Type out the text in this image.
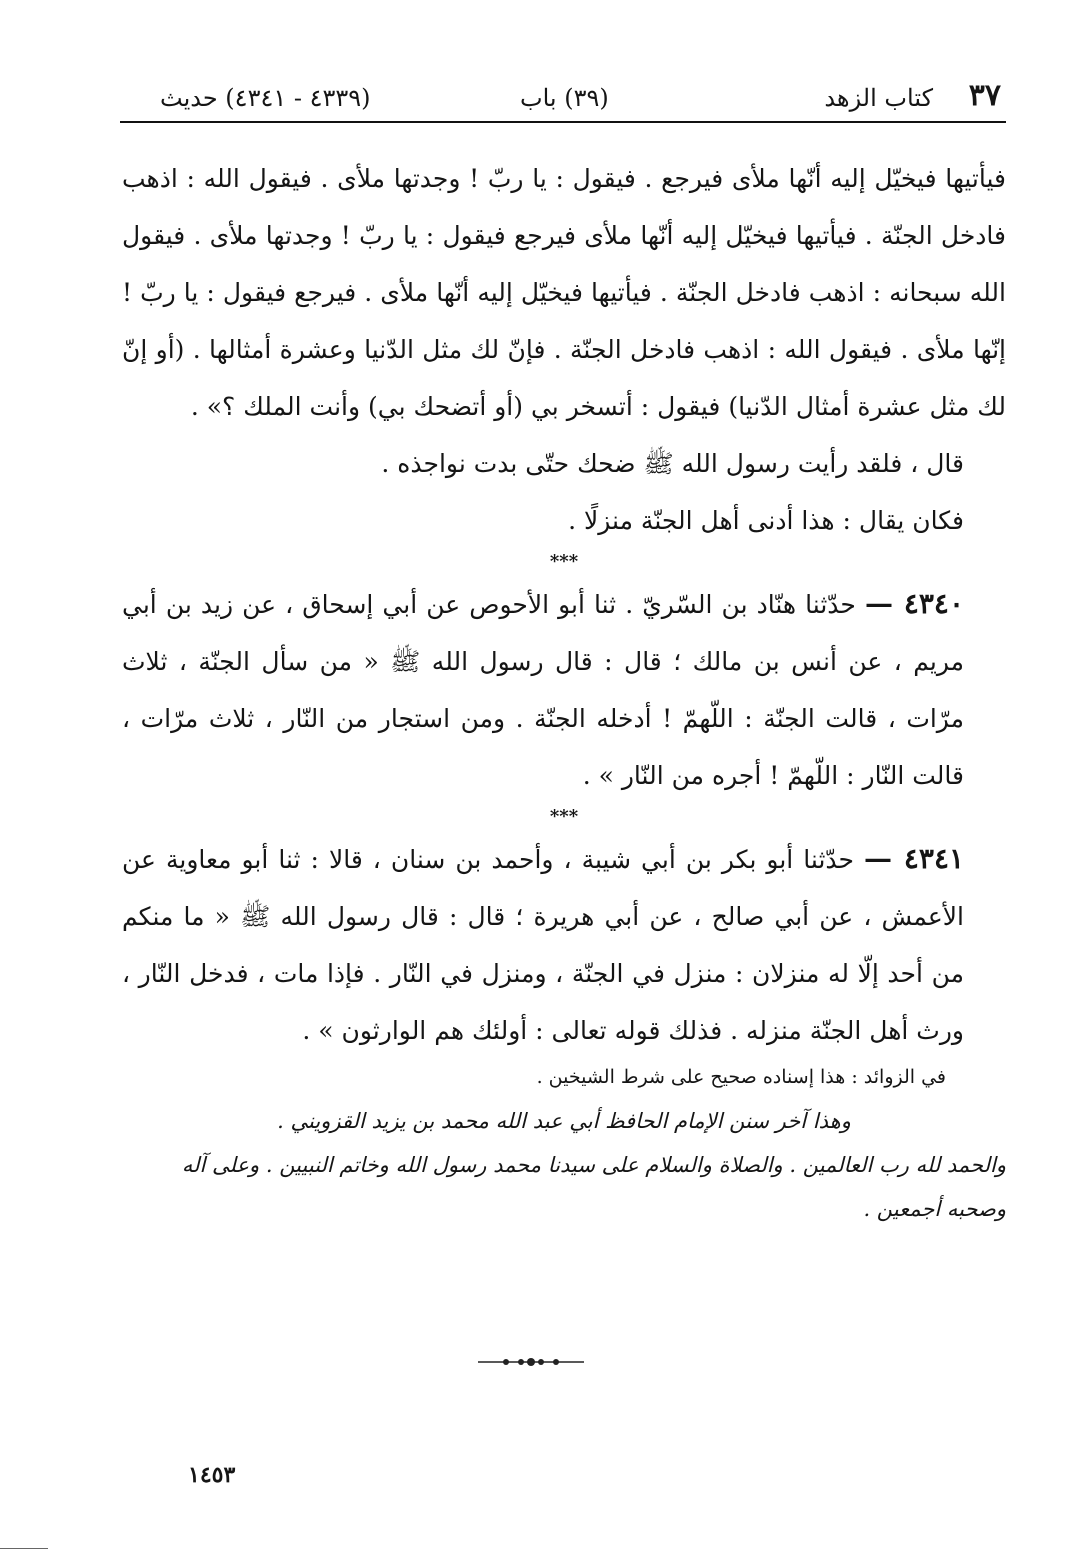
٣٧
كتاب الزهد
(٣٩) باب
(٤٣٣٩ - ٤٣٤١) حديث

فيأتيها فيخيّل إليه أنّها ملأى فيرجع . فيقول : يا ربّ ! وجدتها ملأى . فيقول الله : اذهب فادخل الجنّة . فيأتيها فيخيّل إليه أنّها ملأى فيرجع فيقول : يا ربّ ! وجدتها ملأى . فيقول الله سبحانه : اذهب فادخل الجنّة . فيأتيها فيخيّل إليه أنّها ملأى . فيرجع فيقول : يا ربّ ! إنّها ملأى . فيقول الله : اذهب فادخل الجنّة . فإنّ لك مثل الدّنيا وعشرة أمثالها . (أو إنّ لك مثل عشرة أمثال الدّنيا) فيقول : أتسخر بي (أو أتضحك بي) وأنت الملك ؟» .

قال ، فلقد رأيت رسول الله ﷺ ضحك حتّى بدت نواجذه .

فكان يقال : هذا أدنى أهل الجنّة منزلًا .

***

٤٣٤٠ — حدّثنا هنّاد بن السّريّ . ثنا أبو الأحوص عن أبي إسحاق ، عن زيد بن أبي مريم ، عن أنس بن مالك ؛ قال : قال رسول الله ﷺ « من سأل الجنّة ، ثلاث مرّات ، قالت الجنّة : اللّهمّ ! أدخله الجنّة . ومن استجار من النّار ، ثلاث مرّات ، قالت النّار : اللّهمّ ! أجره من النّار » .

***

٤٣٤١ — حدّثنا أبو بكر بن أبي شيبة ، وأحمد بن سنان ، قالا : ثنا أبو معاوية عن الأعمش ، عن أبي صالح ، عن أبي هريرة ؛ قال : قال رسول الله ﷺ « ما منكم من أحد إلّا له منزلان : منزل في الجنّة ، ومنزل في النّار . فإذا مات ، فدخل النّار ، ورث أهل الجنّة منزله . فذلك قوله تعالى : أولئك هم الوارثون » .

في الزوائد : هذا إسناده صحيح على شرط الشيخين .
وهذا آخر سنن الإمام الحافظ أبي عبد الله محمد بن يزيد القزويني .
والحمد لله رب العالمين . والصلاة والسلام على سيدنا محمد رسول الله وخاتم النبيين . وعلى آله وصحبه أجمعين .
١٤٥٣
